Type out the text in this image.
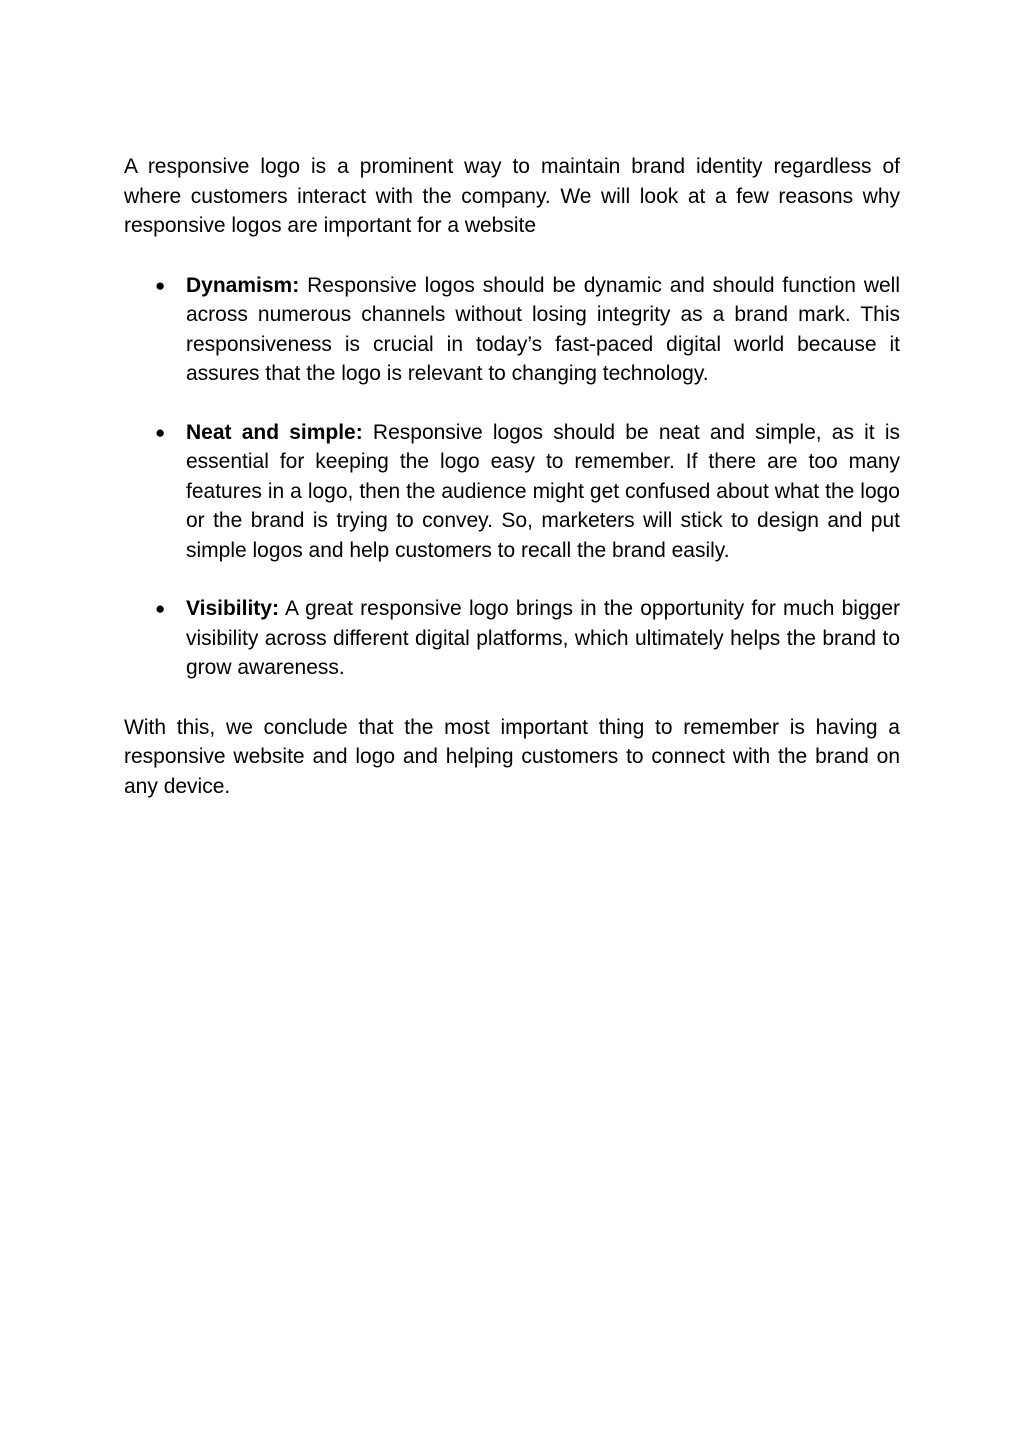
A responsive logo is a prominent way to maintain brand identity regardless of where customers interact with the company. We will look at a few reasons why responsive logos are important for a website

● Dynamism: Responsive logos should be dynamic and should function well across numerous channels without losing integrity as a brand mark. This responsiveness is crucial in today’s fast-paced digital world because it assures that the logo is relevant to changing technology.
● Neat and simple: Responsive logos should be neat and simple, as it is essential for keeping the logo easy to remember. If there are too many features in a logo, then the audience might get confused about what the logo or the brand is trying to convey. So, marketers will stick to design and put simple logos and help customers to recall the brand easily.
● Visibility: A great responsive logo brings in the opportunity for much bigger visibility across different digital platforms, which ultimately helps the brand to grow awareness.

With this, we conclude that the most important thing to remember is having a responsive website and logo and helping customers to connect with the brand on any device.
